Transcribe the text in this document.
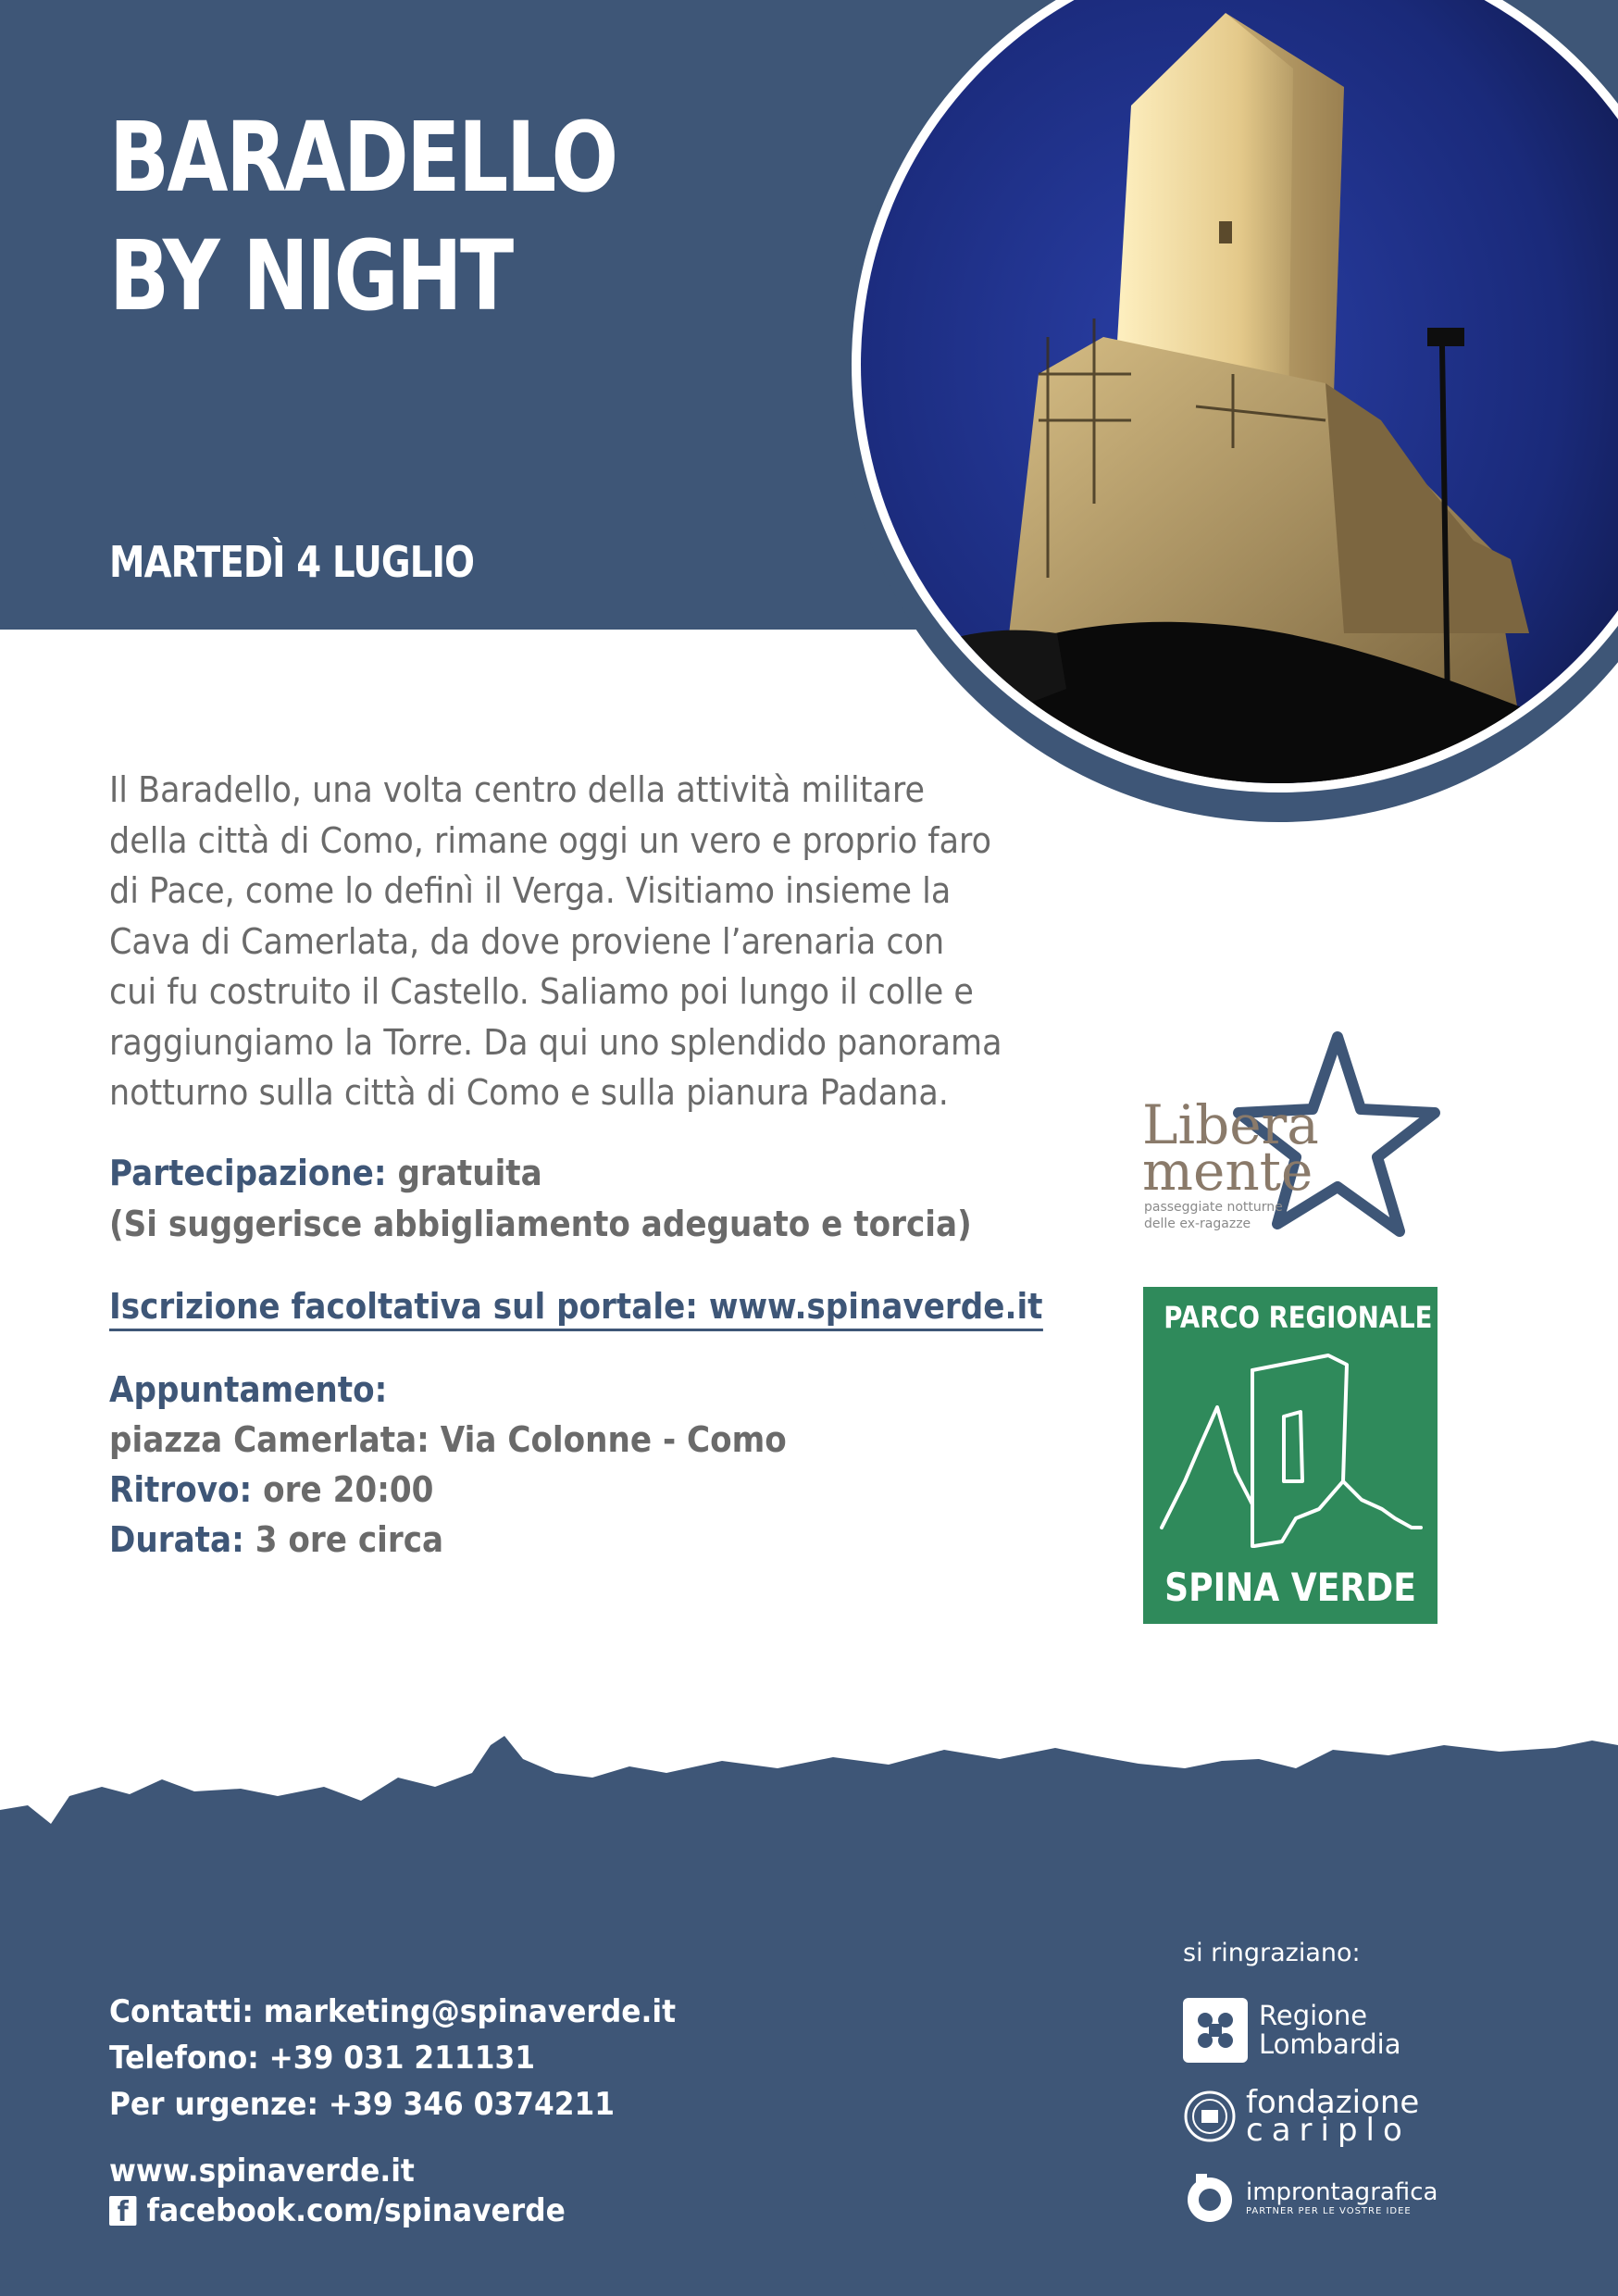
BARADELLO
BY NIGHT
MARTEDÌ 4 LUGLIO
Il Baradello, una volta centro della attività militare
della città di Como, rimane oggi un vero e proprio faro
di Pace, come lo definì il Verga. Visitiamo insieme la
Cava di Camerlata, da dove proviene l’arenaria con
cui fu costruito il Castello. Saliamo poi lungo il colle e
raggiungiamo la Torre. Da qui uno splendido panorama
notturno sulla città di Como e sulla pianura Padana.
Partecipazione: gratuita
(Si suggerisce abbigliamento adeguato e torcia)
Iscrizione facoltativa sul portale: www.spinaverde.it
Appuntamento:
piazza Camerlata: Via Colonne - Como
Ritrovo: ore 20:00
Durata: 3 ore circa
Libera
mente
passeggiate notturne
delle ex-ragazze
PARCO REGIONALE
SPINA VERDE
Contatti: marketing@spinaverde.it
Telefono: +39 031 211131
Per urgenze: +39 346 0374211
www.spinaverde.it
f facebook.com/spinaverde
si ringraziano:
Regione
Lombardia
fondazione
cariplo
improntagrafica
PARTNER PER LE VOSTRE IDEE
